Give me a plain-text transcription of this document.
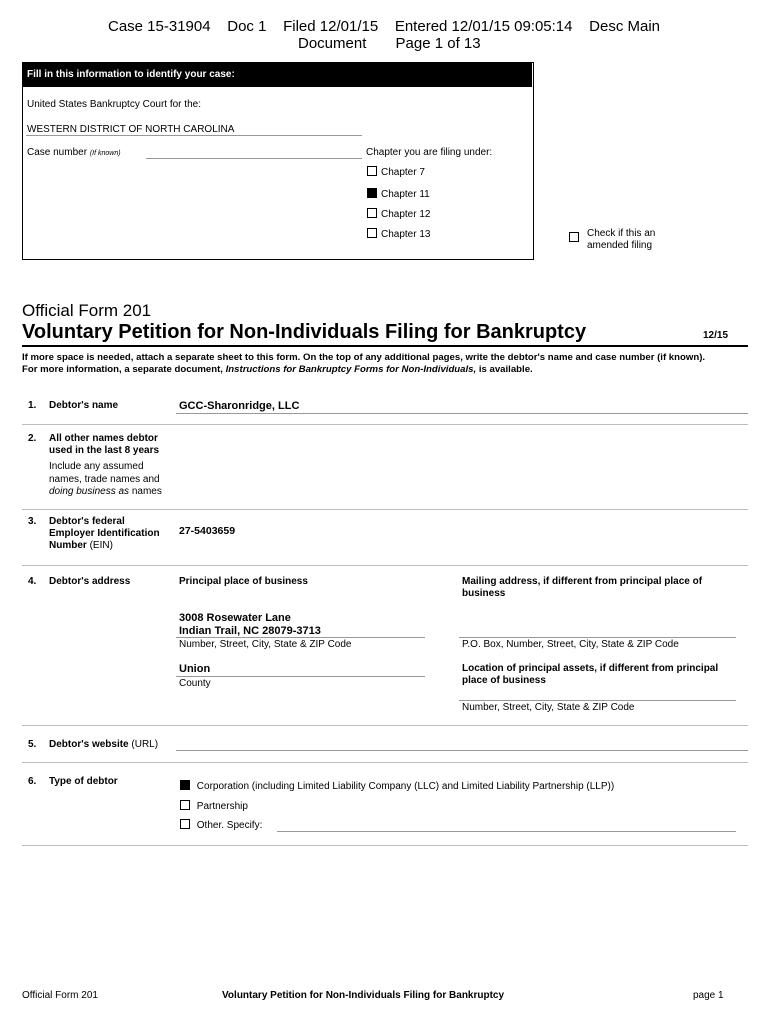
Case 15-31904    Doc 1    Filed 12/01/15    Entered 12/01/15 09:05:14    Desc Main
Document       Page 1 of 13
Fill in this information to identify your case:
United States Bankruptcy Court for the:
WESTERN DISTRICT OF NORTH CAROLINA
Case number (If known)	Chapter you are filing under:
Chapter 7
Chapter 11
Chapter 12
Chapter 13	Check if this an
amended filing
Official Form 201
Voluntary Petition for Non-Individuals Filing for Bankruptcy	12/15
If more space is needed, attach a separate sheet to this form. On the top of any additional pages, write the debtor's name and case number (if known).
For more information, a separate document, Instructions for Bankruptcy Forms for Non-Individuals, is available.
1. Debtor's name	GCC-Sharonridge, LLC
2. All other names debtor
used in the last 8 years
Include any assumed
names, trade names and
doing business as names
3. Debtor's federal
Employer Identification
Number (EIN)
27-5403659
4. Debtor's address	Principal place of business
3008 Rosewater Lane
Indian Trail, NC 28079-3713
Number, Street, City, State & ZIP Code
Union
County
Mailing address, if different from principal place of
business
P.O. Box, Number, Street, City, State & ZIP Code
Location of principal assets, if different from principal
place of business
Number, Street, City, State & ZIP Code
5. Debtor's website (URL)
6. Type of debtor	Corporation (including Limited Liability Company (LLC) and Limited Liability Partnership (LLP))
Partnership
Other. Specify:
Official Form 201	Voluntary Petition for Non-Individuals Filing for Bankruptcy	page 1
